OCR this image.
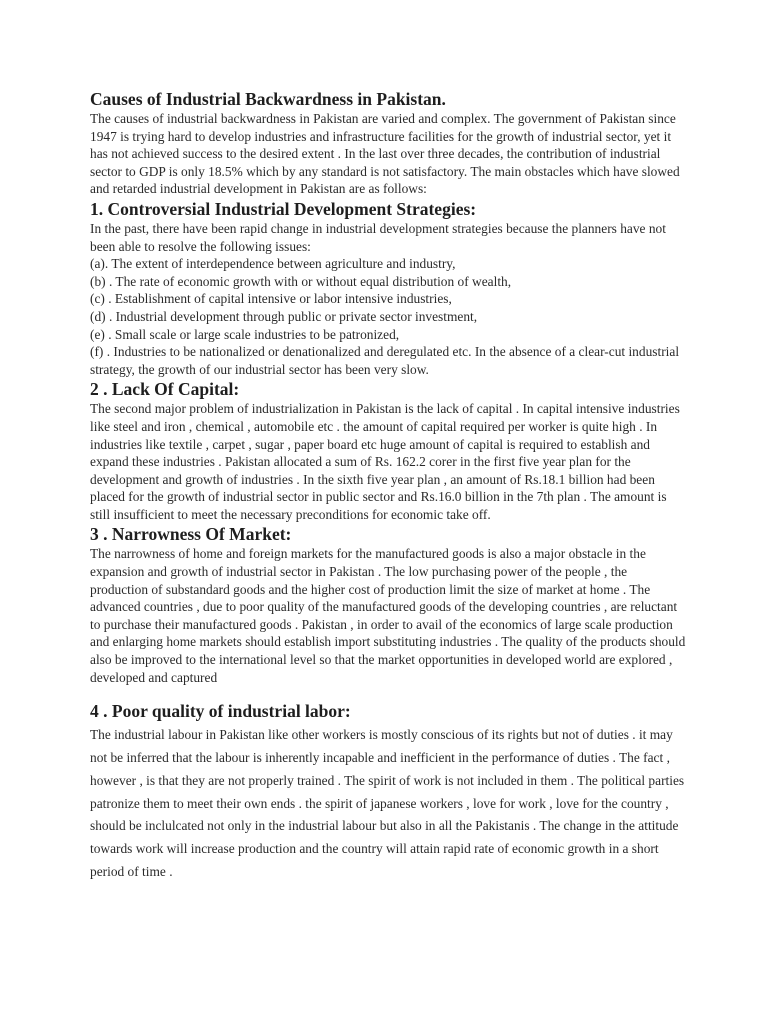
Causes of Industrial Backwardness in Pakistan.

The causes of industrial backwardness in Pakistan are varied and complex. The government of Pakistan since 1947 is trying hard to develop industries and infrastructure facilities for the growth of industrial sector, yet it has not achieved success to the desired extent . In the last over three decades, the contribution of industrial sector to GDP is only 18.5% which by any standard is not satisfactory. The main obstacles which have slowed and retarded industrial development in Pakistan are as follows:

1. Controversial Industrial Development Strategies:

In the past, there have been rapid change in industrial development strategies because the planners have not been able to resolve the following issues:

(a). The extent of interdependence between agriculture and industry,

(b) . The rate of economic growth with or without equal distribution of wealth,

(c) . Establishment of capital intensive or labor intensive industries,

(d) . Industrial development through public or private sector investment,

(e) . Small scale or large scale industries to be patronized,

(f) . Industries to be nationalized or denationalized and deregulated etc. In the absence of a clear-cut industrial strategy, the growth of our industrial sector has been very slow.

2 . Lack Of Capital:

The second major problem of industrialization in Pakistan is the lack of capital . In capital intensive industries like steel and iron , chemical , automobile etc . the amount of capital required per worker is quite high . In industries like textile , carpet , sugar , paper board etc huge amount of capital is required to establish and expand these industries . Pakistan allocated a sum of Rs. 162.2 corer in the first five year plan for the development and growth of industries . In the sixth five year plan , an amount of Rs.18.1 billion had been placed for the growth of industrial sector in public sector and Rs.16.0 billion in the 7th plan . The amount is still insufficient to meet the necessary preconditions for economic take off.

3 . Narrowness Of Market:

The narrowness of home and foreign markets for the manufactured goods is also a major obstacle in the expansion and growth of industrial sector in Pakistan . The low purchasing power of the people , the production of substandard goods and the higher cost of production limit the size of market at home . The advanced countries , due to poor quality of the manufactured goods of the developing countries , are reluctant to purchase their manufactured goods . Pakistan , in order to avail of the economics of large scale production and enlarging home markets should establish import substituting industries . The quality of the products should also be improved to the international level so that the market opportunities in developed world are explored , developed and captured

4 . Poor quality of industrial labor:

The industrial labour in Pakistan like other workers is mostly conscious of its rights but not of duties . it may not be inferred that the labour is inherently incapable and inefficient in the performance of duties . The fact , however , is that they are not properly trained . The spirit of work is not included in them . The political parties patronize them to meet their own ends . the spirit of japanese workers , love for work , love for the country , should be inclulcated not only in the industrial labour but also in all the Pakistanis . The change in the attitude towards work will increase production and the country will attain rapid rate of economic growth in a short period of time .
